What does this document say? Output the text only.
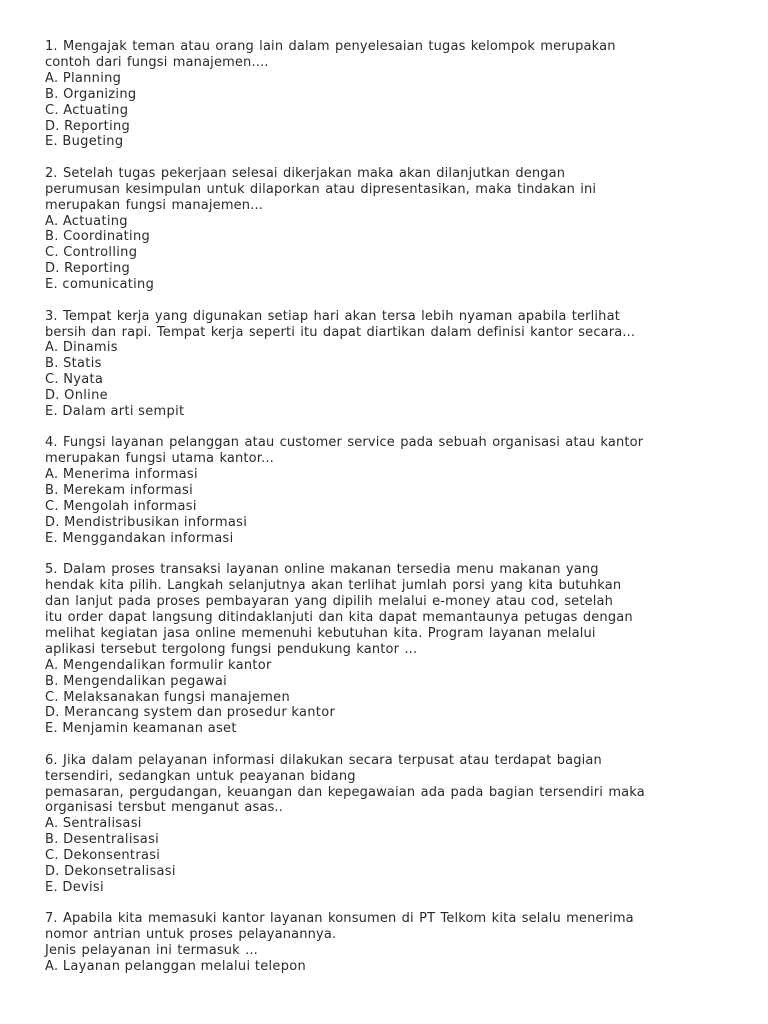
1. Mengajak teman atau orang lain dalam penyelesaian tugas kelompok merupakan
contoh dari fungsi manajemen....

A. Planning
B. Organizing
C. Actuating
D. Reporting
E. Bugeting

2. Setelah tugas pekerjaan selesai dikerjakan maka akan dilanjutkan dengan
perumusan kesimpulan untuk dilaporkan atau dipresentasikan, maka tindakan ini
merupakan fungsi manajemen...

A. Actuating
B. Coordinating
C. Controlling
D. Reporting
E. comunicating

3. Tempat kerja yang digunakan setiap hari akan tersa lebih nyaman apabila terlihat
bersih dan rapi. Tempat kerja seperti itu dapat diartikan dalam definisi kantor secara...

A. Dinamis
B. Statis
C. Nyata
D. Online
E. Dalam arti sempit

4. Fungsi layanan pelanggan atau customer service pada sebuah organisasi atau kantor
merupakan fungsi utama kantor...

A. Menerima informasi
B. Merekam informasi
C. Mengolah informasi
D. Mendistribusikan informasi
E. Menggandakan informasi

5. Dalam proses transaksi layanan online makanan tersedia menu makanan yang
hendak kita pilih. Langkah selanjutnya akan terlihat jumlah porsi yang kita butuhkan
dan lanjut pada proses pembayaran yang dipilih melalui e-money atau cod, setelah
itu order dapat langsung ditindaklanjuti dan kita dapat memantaunya petugas dengan
melihat kegiatan jasa online memenuhi kebutuhan kita. Program layanan melalui
aplikasi tersebut tergolong fungsi pendukung kantor ...

A. Mengendalikan formulir kantor
B. Mengendalikan pegawai
C. Melaksanakan fungsi manajemen
D. Merancang system dan prosedur kantor
E. Menjamin keamanan aset

6. Jika dalam pelayanan informasi dilakukan secara terpusat atau terdapat bagian
tersendiri, sedangkan untuk peayanan bidang
pemasaran, pergudangan, keuangan dan kepegawaian ada pada bagian tersendiri maka
organisasi tersbut menganut asas..

A. Sentralisasi
B. Desentralisasi
C. Dekonsentrasi
D. Dekonsetralisasi
E. Devisi

7. Apabila kita memasuki kantor layanan konsumen di PT Telkom kita selalu menerima
nomor antrian untuk proses pelayanannya.
Jenis pelayanan ini termasuk ...

A. Layanan pelanggan melalui telepon
